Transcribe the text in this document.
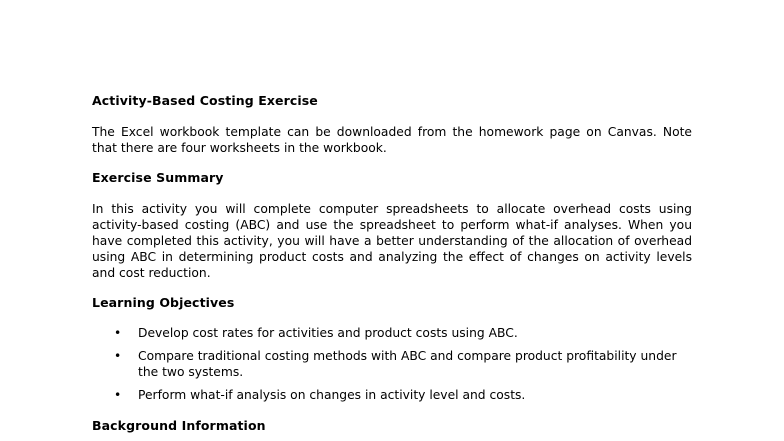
Activity-Based Costing Exercise

The Excel workbook template can be downloaded from the homework page on Canvas. Note that there are four worksheets in the workbook.

Exercise Summary

In this activity you will complete computer spreadsheets to allocate overhead costs using activity-based costing (ABC) and use the spreadsheet to perform what-if analyses. When you have completed this activity, you will have a better understanding of the allocation of overhead using ABC in determining product costs and analyzing the effect of changes on activity levels and cost reduction.

Learning Objectives
• Develop cost rates for activities and product costs using ABC.
• Compare traditional costing methods with ABC and compare product profitability under the two systems.
• Perform what-if analysis on changes in activity level and costs.
Background Information
